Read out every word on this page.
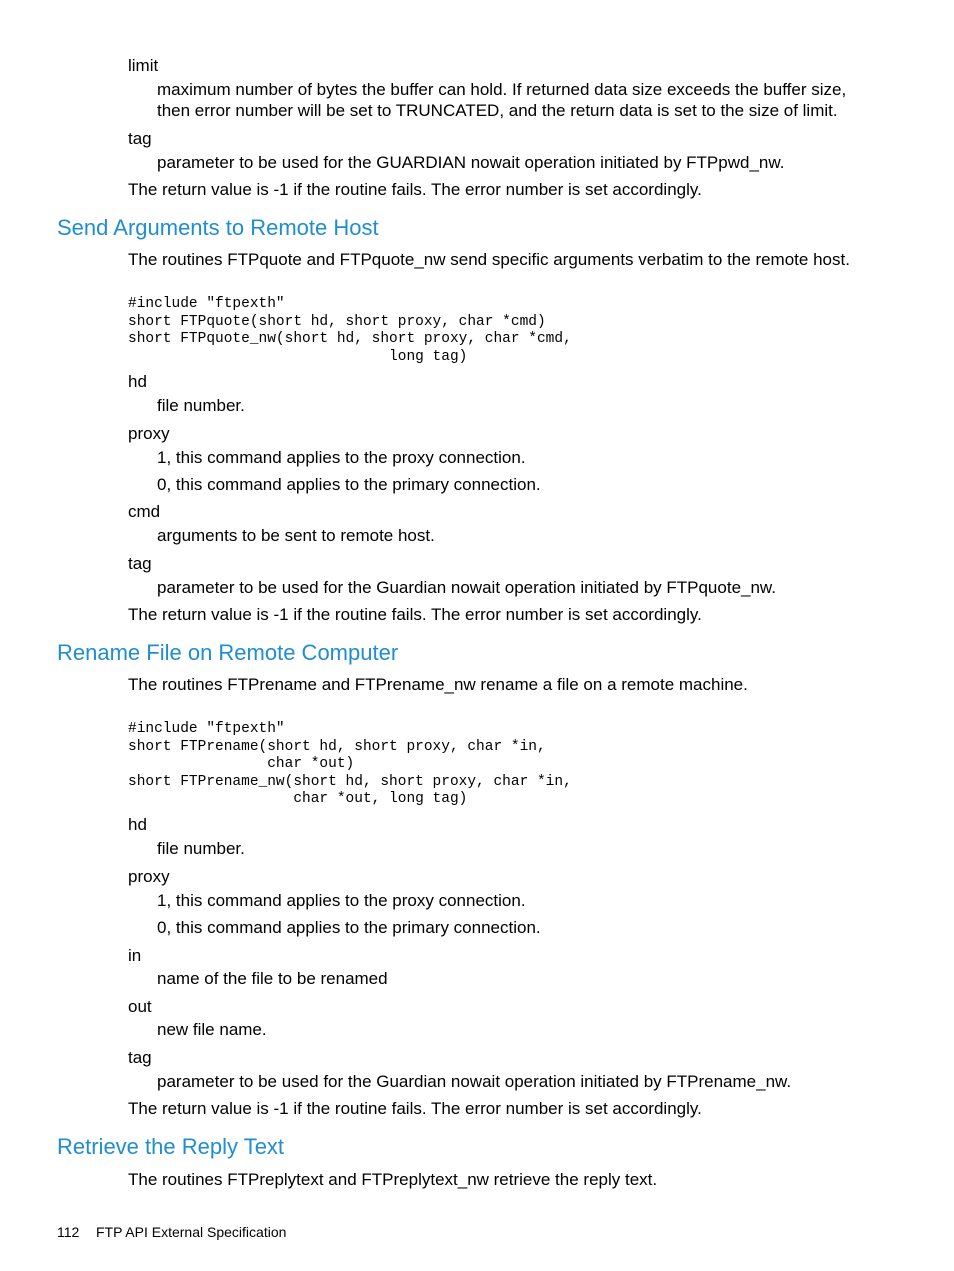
limit
maximum number of bytes the buffer can hold. If returned data size exceeds the buffer size,
then error number will be set to TRUNCATED, and the return data is set to the size of limit.
tag
parameter to be used for the GUARDIAN nowait operation initiated by FTPpwd_nw.
The return value is -1 if the routine fails. The error number is set accordingly.
Send Arguments to Remote Host
The routines FTPquote and FTPquote_nw send specific arguments verbatim to the remote host.
#include "ftpexth"
short FTPquote(short hd, short proxy, char *cmd)
short FTPquote_nw(short hd, short proxy, char *cmd,
long tag)
hd
file number.
proxy
1, this command applies to the proxy connection.
0, this command applies to the primary connection.
cmd
arguments to be sent to remote host.
tag
parameter to be used for the Guardian nowait operation initiated by FTPquote_nw.
The return value is -1 if the routine fails. The error number is set accordingly.
Rename File on Remote Computer
The routines FTPrename and FTPrename_nw rename a file on a remote machine.
#include "ftpexth"
short FTPrename(short hd, short proxy, char *in,
char *out)
short FTPrename_nw(short hd, short proxy, char *in,
char *out, long tag)
hd
file number.
proxy
1, this command applies to the proxy connection.
0, this command applies to the primary connection.
in
name of the file to be renamed
out
new file name.
tag
parameter to be used for the Guardian nowait operation initiated by FTPrename_nw.
The return value is -1 if the routine fails. The error number is set accordingly.
Retrieve the Reply Text
The routines FTPreplytext and FTPreplytext_nw retrieve the reply text.
112 FTP API External Specification
